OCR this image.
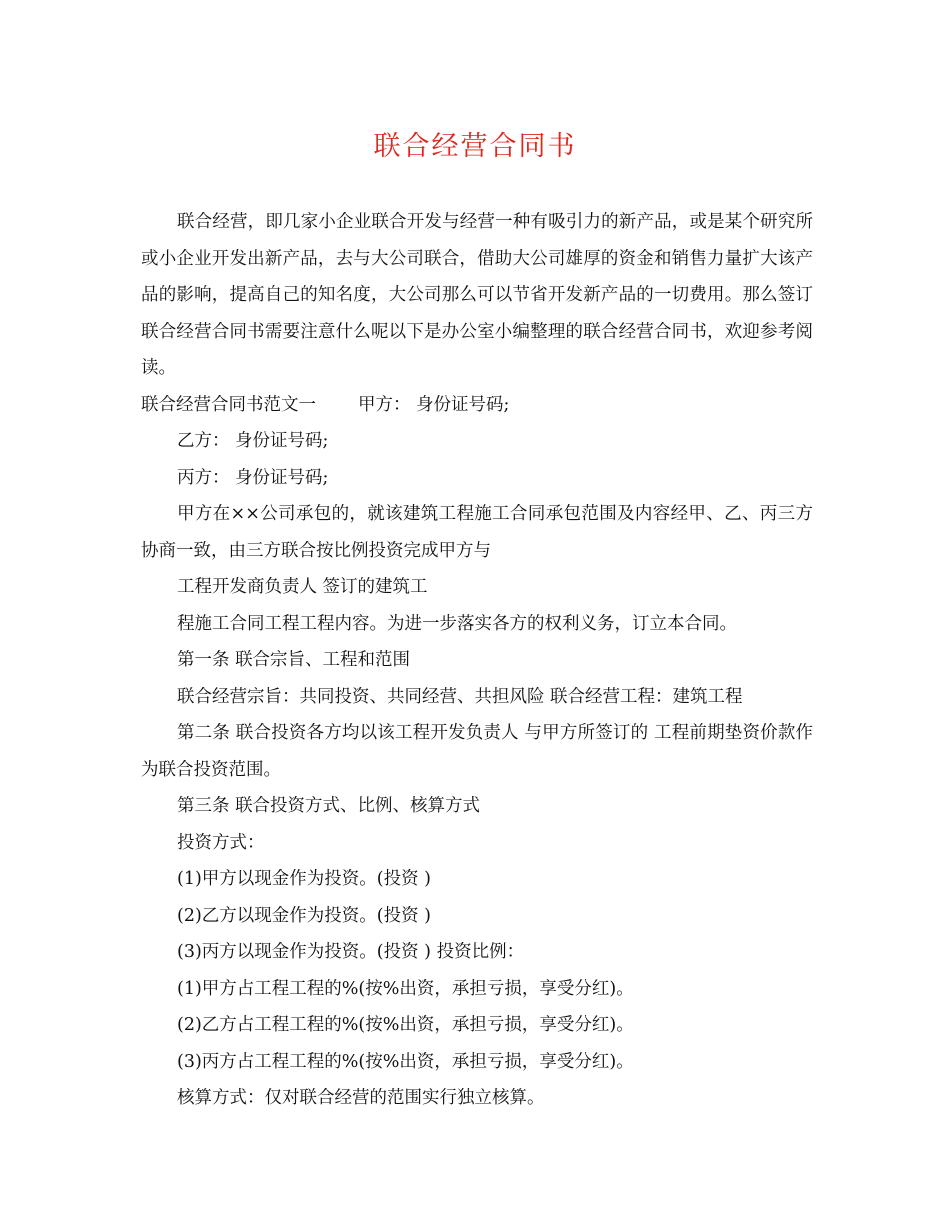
联合经营合同书

联合经营，即几家小企业联合开发与经营一种有吸引力的新产品，或是某个研究所或小企业开发出新产品，去与大公司联合，借助大公司雄厚的资金和销售力量扩大该产品的影响，提高自己的知名度，大公司那么可以节省开发新产品的一切费用。那么签订联合经营合同书需要注意什么呢以下是办公室小编整理的联合经营合同书，欢迎参考阅读。

联合经营合同书范文一 甲方： 身份证号码;

乙方： 身份证号码;

丙方： 身份证号码;

甲方在××公司承包的，就该建筑工程施工合同承包范围及内容经甲、乙、丙三方协商一致，由三方联合按比例投资完成甲方与

工程开发商负责人 签订的建筑工

程施工合同工程工程内容。为进一步落实各方的权利义务，订立本合同。

第一条 联合宗旨、工程和范围

联合经营宗旨：共同投资、共同经营、共担风险 联合经营工程：建筑工程

第二条 联合投资各方均以该工程开发负责人 与甲方所签订的 工程前期垫资价款作为联合投资范围。

第三条 联合投资方式、比例、核算方式

投资方式：

(1)甲方以现金作为投资。(投资 )

(2)乙方以现金作为投资。(投资 )

(3)丙方以现金作为投资。(投资 ) 投资比例：

(1)甲方占工程工程的%(按%出资，承担亏损，享受分红)。

(2)乙方占工程工程的%(按%出资，承担亏损，享受分红)。

(3)丙方占工程工程的%(按%出资，承担亏损，享受分红)。

核算方式：仅对联合经营的范围实行独立核算。
